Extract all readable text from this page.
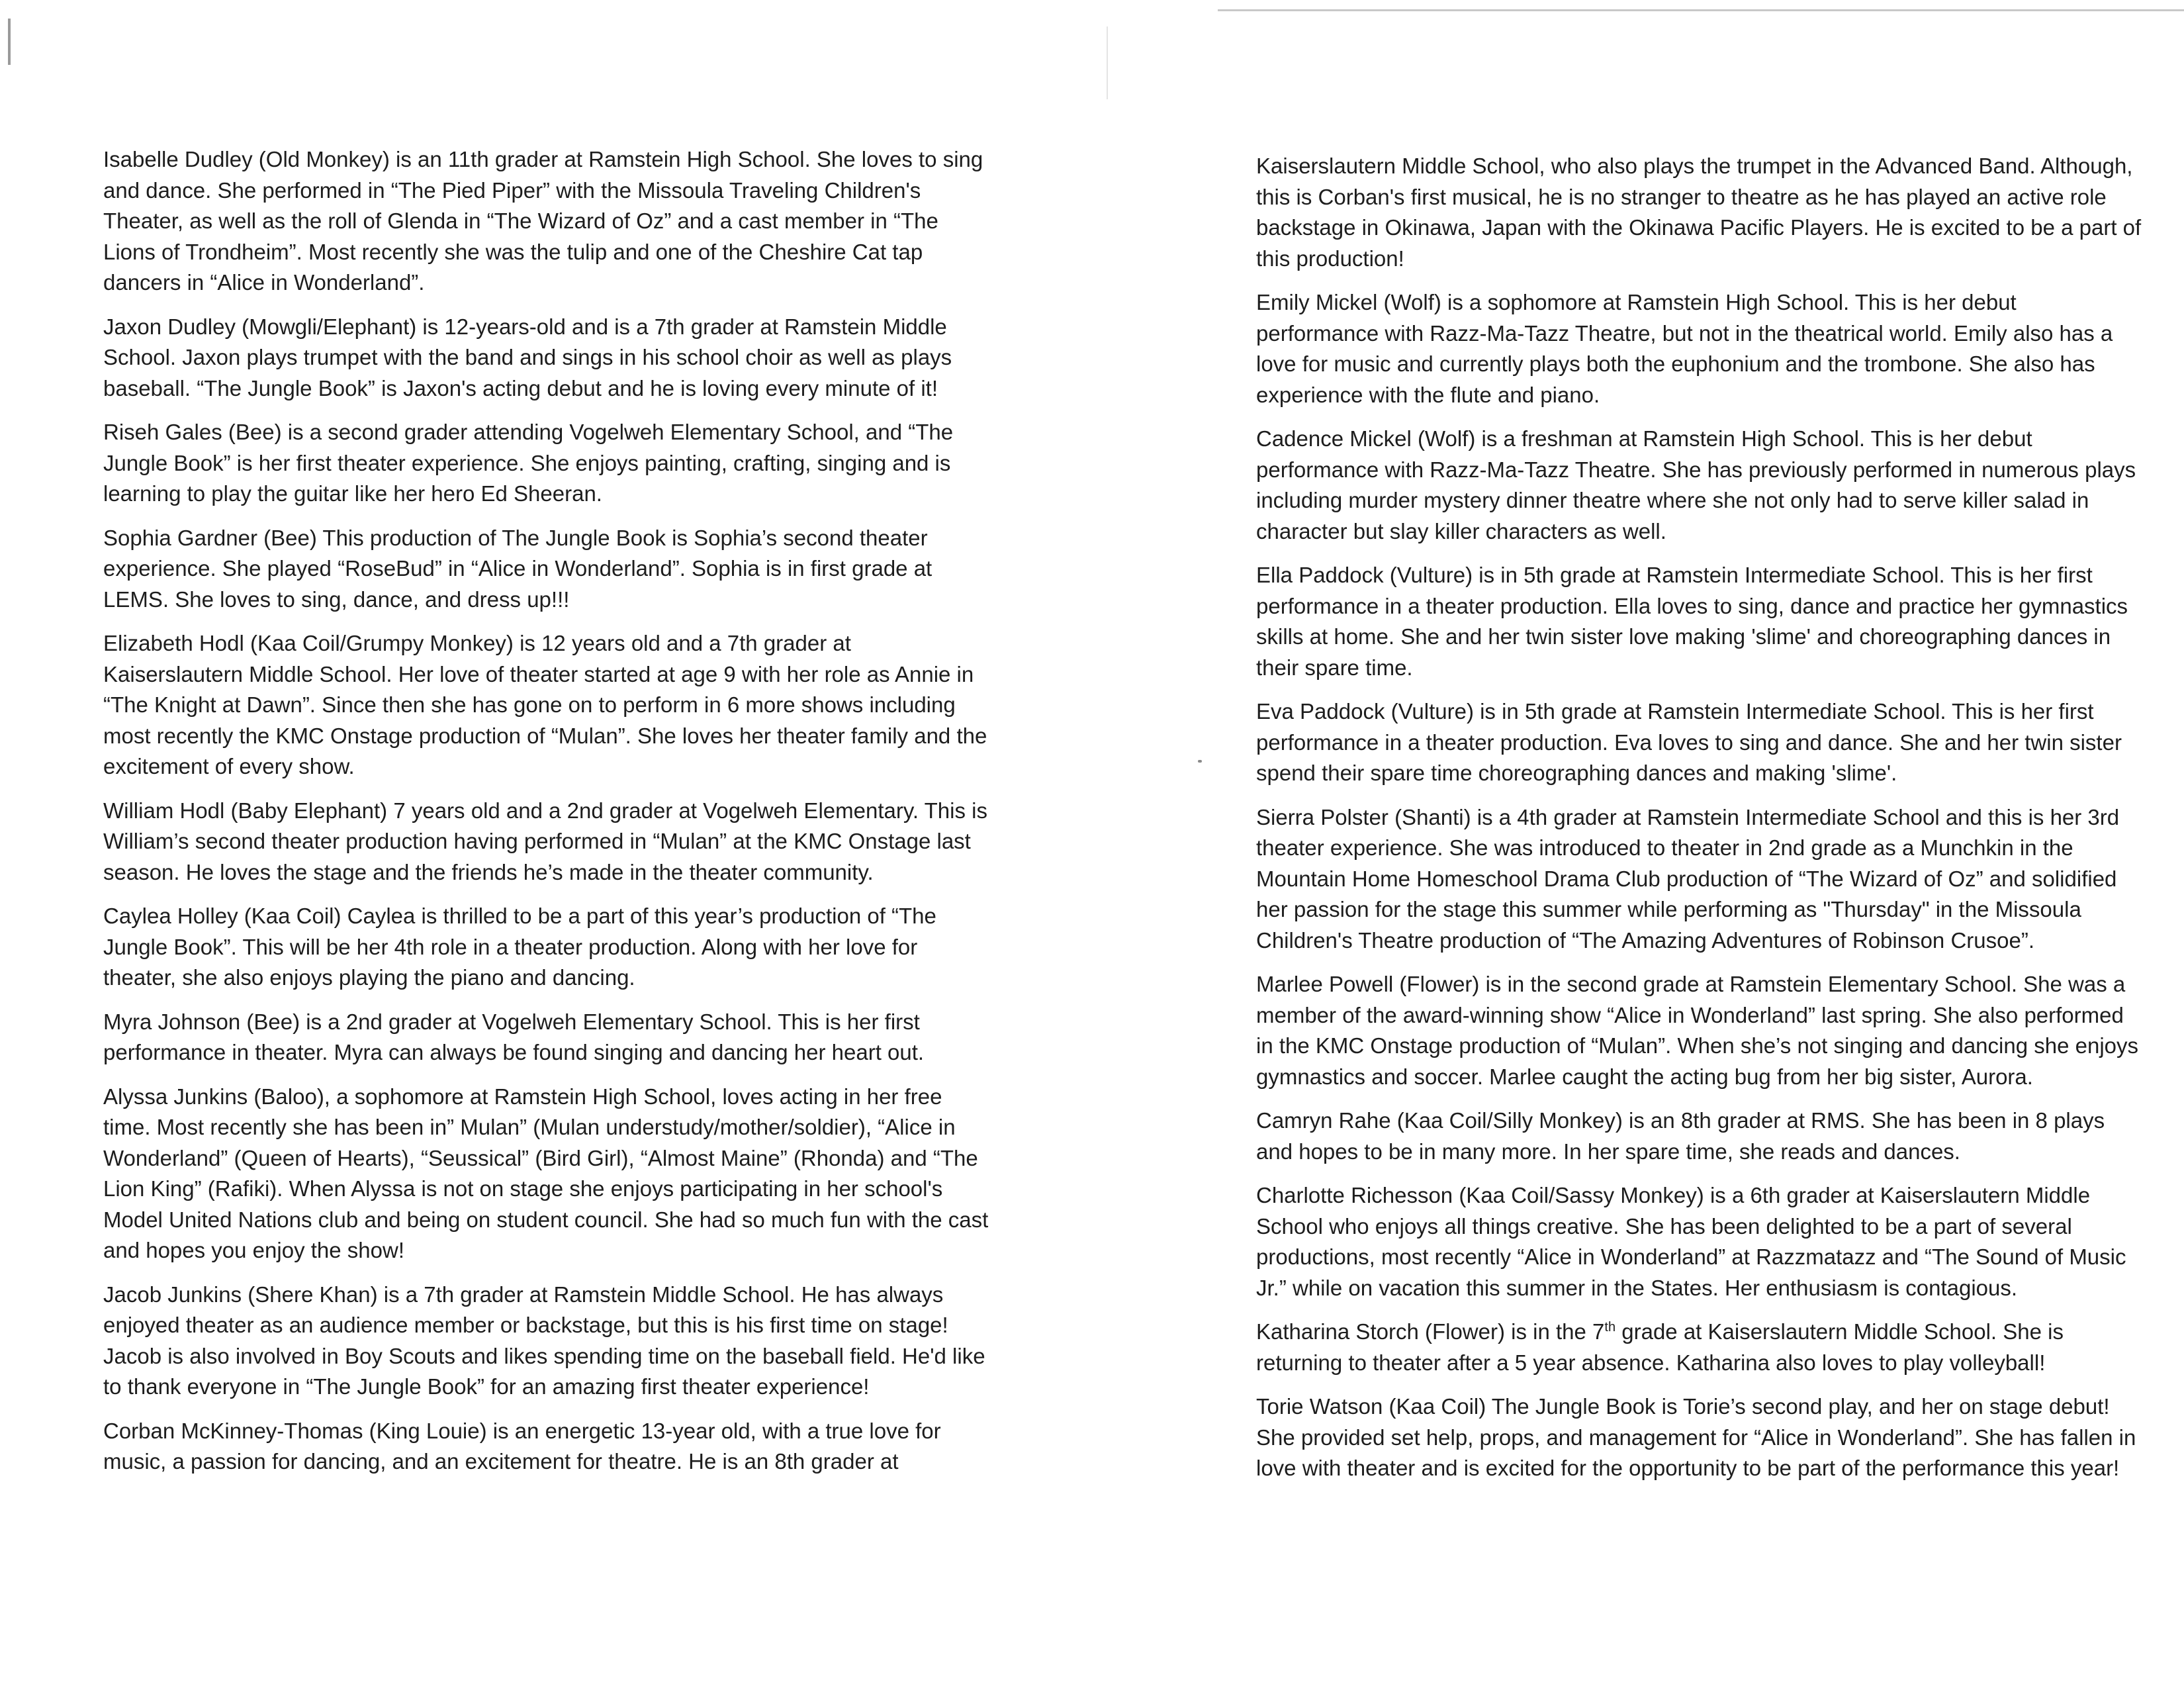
Isabelle Dudley (Old Monkey) is an 11th grader at Ramstein High School. She loves to sing and dance. She performed in “The Pied Piper” with the Missoula Traveling Children's Theater, as well as the roll of Glenda in “The Wizard of Oz” and a cast member in “The Lions of Trondheim”. Most recently she was the tulip and one of the Cheshire Cat tap dancers in “Alice in Wonderland”.

Jaxon Dudley (Mowgli/Elephant) is 12-years-old and is a 7th grader at Ramstein Middle School. Jaxon plays trumpet with the band and sings in his school choir as well as plays baseball. “The Jungle Book” is Jaxon's acting debut and he is loving every minute of it!

Riseh Gales (Bee) is a second grader attending Vogelweh Elementary School, and “The Jungle Book” is her first theater experience. She enjoys painting, crafting, singing and is learning to play the guitar like her hero Ed Sheeran.

Sophia Gardner (Bee) This production of The Jungle Book is Sophia’s second theater experience. She played “RoseBud” in “Alice in Wonderland”. Sophia is in first grade at LEMS. She loves to sing, dance, and dress up!!!

Elizabeth Hodl (Kaa Coil/Grumpy Monkey) is 12 years old and a 7th grader at Kaiserslautern Middle School. Her love of theater started at age 9 with her role as Annie in “The Knight at Dawn”. Since then she has gone on to perform in 6 more shows including most recently the KMC Onstage production of “Mulan”. She loves her theater family and the excitement of every show.

William Hodl (Baby Elephant) 7 years old and a 2nd grader at Vogelweh Elementary. This is William’s second theater production having performed in “Mulan” at the KMC Onstage last season. He loves the stage and the friends he’s made in the theater community.

Caylea Holley (Kaa Coil) Caylea is thrilled to be a part of this year’s production of “The Jungle Book”. This will be her 4th role in a theater production. Along with her love for theater, she also enjoys playing the piano and dancing.

Myra Johnson (Bee) is a 2nd grader at Vogelweh Elementary School. This is her first performance in theater. Myra can always be found singing and dancing her heart out.

Alyssa Junkins (Baloo), a sophomore at Ramstein High School, loves acting in her free time. Most recently she has been in” Mulan” (Mulan understudy/mother/soldier), “Alice in Wonderland” (Queen of Hearts), “Seussical” (Bird Girl), “Almost Maine” (Rhonda) and “The Lion King” (Rafiki). When Alyssa is not on stage she enjoys participating in her school's Model United Nations club and being on student council. She had so much fun with the cast and hopes you enjoy the show!

Jacob Junkins (Shere Khan) is a 7th grader at Ramstein Middle School. He has always enjoyed theater as an audience member or backstage, but this is his first time on stage! Jacob is also involved in Boy Scouts and likes spending time on the baseball field. He'd like to thank everyone in “The Jungle Book” for an amazing first theater experience!

Corban McKinney-Thomas (King Louie) is an energetic 13-year old, with a true love for music, a passion for dancing, and an excitement for theatre. He is an 8th grader at

Kaiserslautern Middle School, who also plays the trumpet in the Advanced Band. Although, this is Corban's first musical, he is no stranger to theatre as he has played an active role backstage in Okinawa, Japan with the Okinawa Pacific Players. He is excited to be a part of this production!

Emily Mickel (Wolf) is a sophomore at Ramstein High School. This is her debut performance with Razz-Ma-Tazz Theatre, but not in the theatrical world. Emily also has a love for music and currently plays both the euphonium and the trombone. She also has experience with the flute and piano.

Cadence Mickel (Wolf) is a freshman at Ramstein High School. This is her debut performance with Razz-Ma-Tazz Theatre. She has previously performed in numerous plays including murder mystery dinner theatre where she not only had to serve killer salad in character but slay killer characters as well.

Ella Paddock (Vulture) is in 5th grade at Ramstein Intermediate School. This is her first performance in a theater production. Ella loves to sing, dance and practice her gymnastics skills at home. She and her twin sister love making 'slime' and choreographing dances in their spare time.

Eva Paddock (Vulture) is in 5th grade at Ramstein Intermediate School. This is her first performance in a theater production. Eva loves to sing and dance. She and her twin sister spend their spare time choreographing dances and making 'slime'.

Sierra Polster (Shanti) is a 4th grader at Ramstein Intermediate School and this is her 3rd theater experience. She was introduced to theater in 2nd grade as a Munchkin in the Mountain Home Homeschool Drama Club production of “The Wizard of Oz” and solidified her passion for the stage this summer while performing as "Thursday" in the Missoula Children's Theatre production of “The Amazing Adventures of Robinson Crusoe”.

Marlee Powell (Flower) is in the second grade at Ramstein Elementary School. She was a member of the award-winning show “Alice in Wonderland” last spring. She also performed in the KMC Onstage production of “Mulan”. When she’s not singing and dancing she enjoys gymnastics and soccer. Marlee caught the acting bug from her big sister, Aurora.

Camryn Rahe (Kaa Coil/Silly Monkey) is an 8th grader at RMS. She has been in 8 plays and hopes to be in many more. In her spare time, she reads and dances.

Charlotte Richesson (Kaa Coil/Sassy Monkey) is a 6th grader at Kaiserslautern Middle School who enjoys all things creative. She has been delighted to be a part of several productions, most recently “Alice in Wonderland” at Razzmatazz and “The Sound of Music Jr.” while on vacation this summer in the States. Her enthusiasm is contagious.

Katharina Storch (Flower) is in the 7th grade at Kaiserslautern Middle School. She is returning to theater after a 5 year absence. Katharina also loves to play volleyball!

Torie Watson (Kaa Coil) The Jungle Book is Torie’s second play, and her on stage debut! She provided set help, props, and management for “Alice in Wonderland”. She has fallen in love with theater and is excited for the opportunity to be part of the performance this year!
